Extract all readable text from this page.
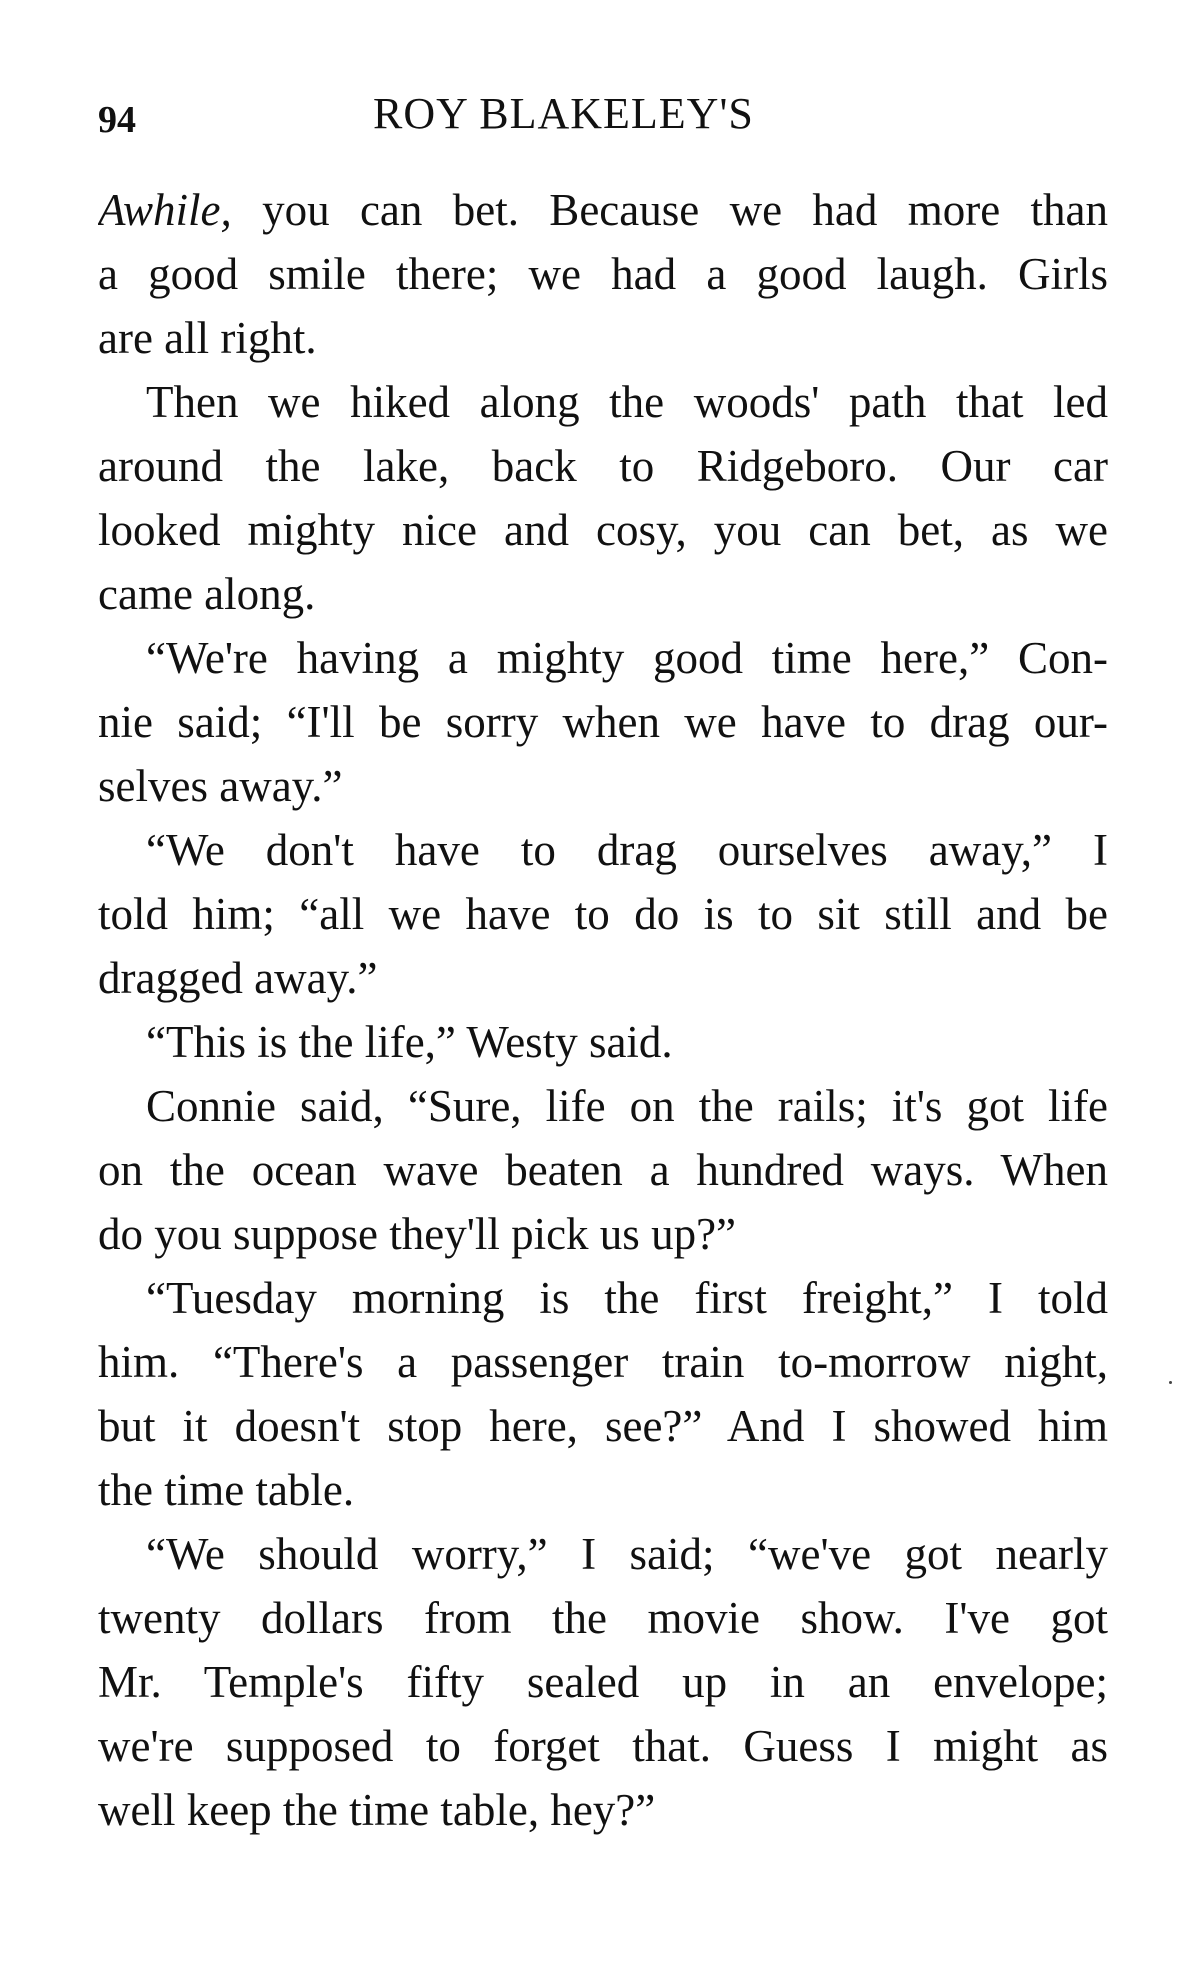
94	ROY BLAKELEY'S
Awhile, you can bet. Because we had more than
a good smile there; we had a good laugh. Girls
are all right.
Then we hiked along the woods' path that led
around the lake, back to Ridgeboro. Our car
looked mighty nice and cosy, you can bet, as we
came along.
“We're having a mighty good time here,” Con-
nie said; “I'll be sorry when we have to drag our-
selves away.”
“We don't have to drag ourselves away,” I
told him; “all we have to do is to sit still and be
dragged away.”
“This is the life,” Westy said.
Connie said, “Sure, life on the rails; it's got life
on the ocean wave beaten a hundred ways. When
do you suppose they'll pick us up?”
“Tuesday morning is the first freight,” I told
him. “There's a passenger train to-morrow night,
but it doesn't stop here, see?” And I showed him
the time table.
“We should worry,” I said; “we've got nearly
twenty dollars from the movie show. I've got
Mr. Temple's fifty sealed up in an envelope;
we're supposed to forget that. Guess I might as
well keep the time table, hey?”
